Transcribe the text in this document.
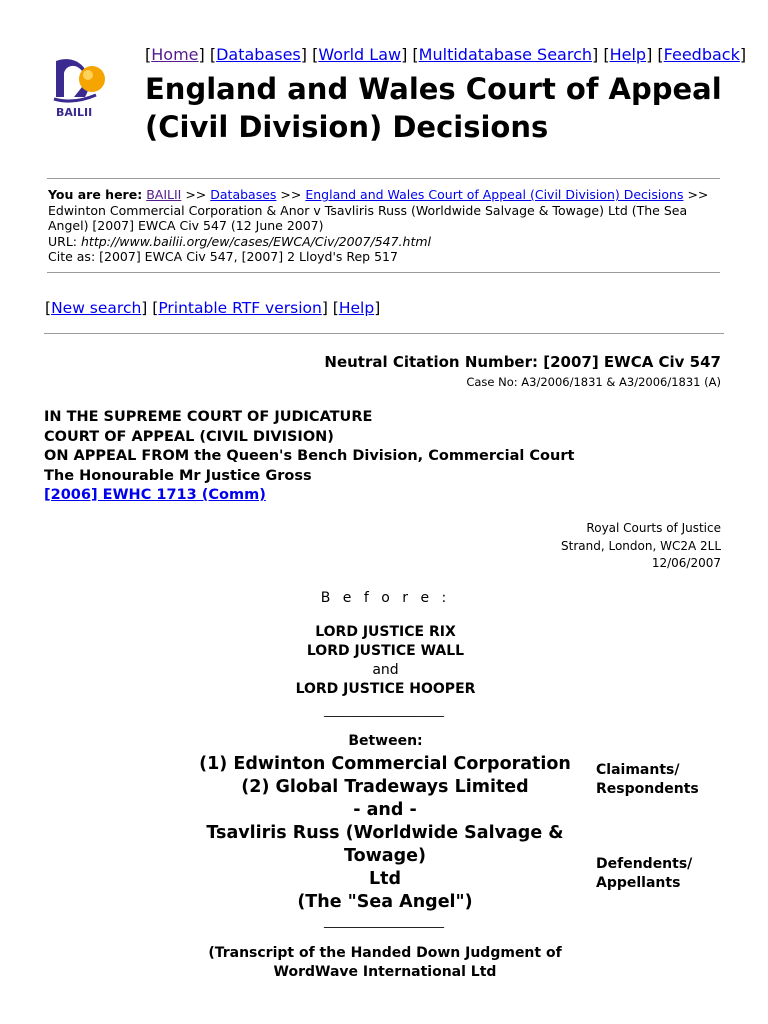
BAILII
[Home] [Databases] [World Law] [Multidatabase Search] [Help] [Feedback]
England and Wales Court of Appeal
(Civil Division) Decisions
You are here: BAILII >> Databases >> England and Wales Court of Appeal (Civil Division) Decisions >>
Edwinton Commercial Corporation & Anor v Tsavliris Russ (Worldwide Salvage & Towage) Ltd (The Sea Angel) [2007] EWCA Civ 547 (12 June 2007)
URL: http://www.bailii.org/ew/cases/EWCA/Civ/2007/547.html
Cite as: [2007] EWCA Civ 547, [2007] 2 Lloyd's Rep 517
[New search] [Printable RTF version] [Help]
Neutral Citation Number: [2007] EWCA Civ 547
Case No: A3/2006/1831 & A3/2006/1831 (A)
IN THE SUPREME COURT OF JUDICATURE
COURT OF APPEAL (CIVIL DIVISION)
ON APPEAL FROM the Queen's Bench Division, Commercial Court
The Honourable Mr Justice Gross
[2006] EWHC 1713 (Comm)
Royal Courts of Justice
Strand, London, WC2A 2LL
12/06/2007
B e f o r e :
LORD JUSTICE RIX
LORD JUSTICE WALL
and
LORD JUSTICE HOOPER
____________________
Between:
(1) Edwinton Commercial Corporation
(2) Global Tradeways Limited
- and -
Tsavliris Russ (Worldwide Salvage & Towage)
Ltd
(The "Sea Angel")
Claimants/
Respondents
Defendents/
Appellants
____________________
(Transcript of the Handed Down Judgment of
WordWave International Ltd
